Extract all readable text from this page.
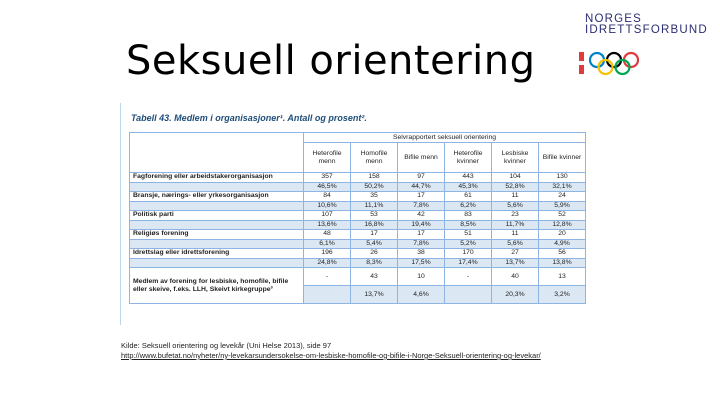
Seksuell orientering
NORGES
IDRETTSFORBUND
Tabell 43. Medlem i organisasjoner¹. Antall og prosent².
	Selvrapportert seksuell orientering					
	Heterofile menn	Homofile menn	Bifile menn	Heterofile kvinner	Lesbiske kvinner	Bifile kvinner
Fagforening eller arbeidstakerorganisasjon	357	158	97	443	104	130
	46,5%	50,2%	44,7%	45,3%	52,8%	32,1%
Bransje, nærings- eller yrkesorganisasjon	84	35	17	61	11	24
	10,6%	11,1%	7,8%	6,2%	5,6%	5,9%
Politisk parti	107	53	42	83	23	52
	13,6%	16,8%	19,4%	8,5%	11,7%	12,8%
Religiøs forening	48	17	17	51	11	20
	6,1%	5,4%	7,8%	5,2%	5,6%	4,9%
Idrettslag eller idrettsforening	196	26	38	170	27	56
	24,8%	8,3%	17,5%	17,4%	13,7%	13,8%
Medlem av forening for lesbiske, homofile, bifile eller skeive, f.eks. LLH, Skeivt kirkegruppe³	-	43	10	-	40	13
		13,7%	4,6%		20,3%	3,2%
Kilde: Seksuell orientering og levekår (Uni Helse 2013), side 97
http://www.bufetat.no/nyheter/ny-levekarsundersokelse-om-lesbiske-homofile-og-bifile-i-Norge-Seksuell-orientering-og-levekar/
